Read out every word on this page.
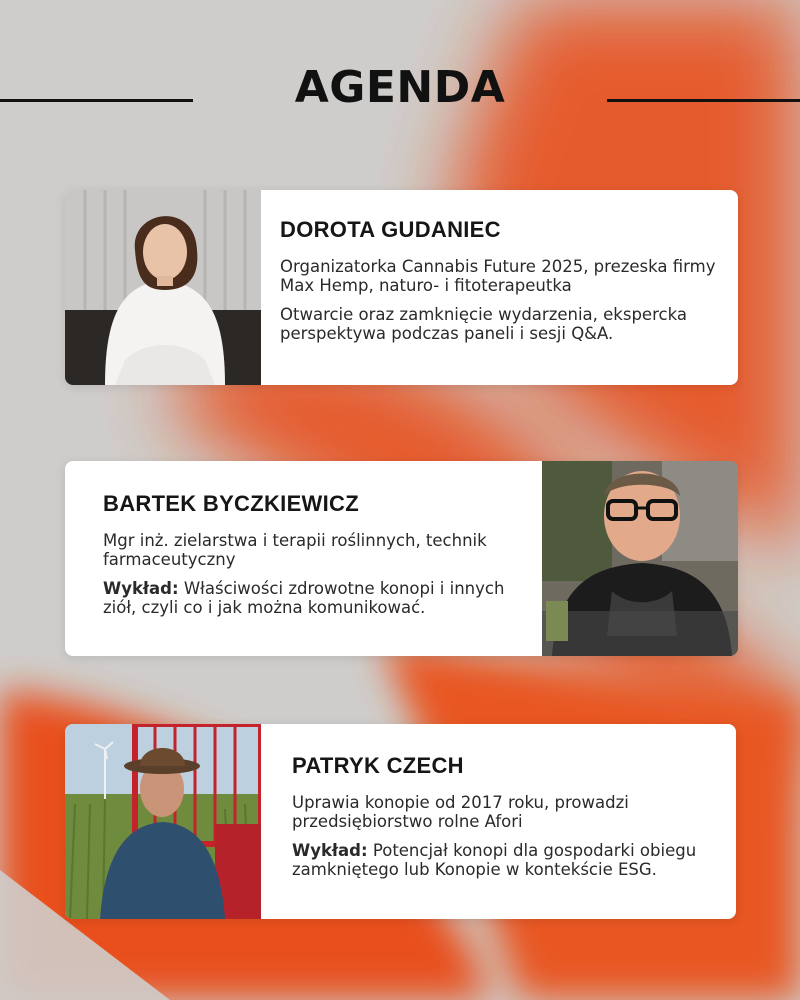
AGENDA
DOROTA GUDANIEC

Organizatorka Cannabis Future 2025, prezeska firmy Max Hemp, naturo- i fitoterapeutka

Otwarcie oraz zamknięcie wydarzenia, ekspercka perspektywa podczas paneli i sesji Q&A.

BARTEK BYCZKIEWICZ

Mgr inż. zielarstwa i terapii roślinnych, technik farmaceutyczny

Wykład: Właściwości zdrowotne konopi i innych ziół, czyli co i jak można komunikować.

PATRYK CZECH

Uprawia konopie od 2017 roku, prowadzi przedsiębiorstwo rolne Afori

Wykład: Potencjał konopi dla gospodarki obiegu zamkniętego lub Konopie w kontekście ESG.
